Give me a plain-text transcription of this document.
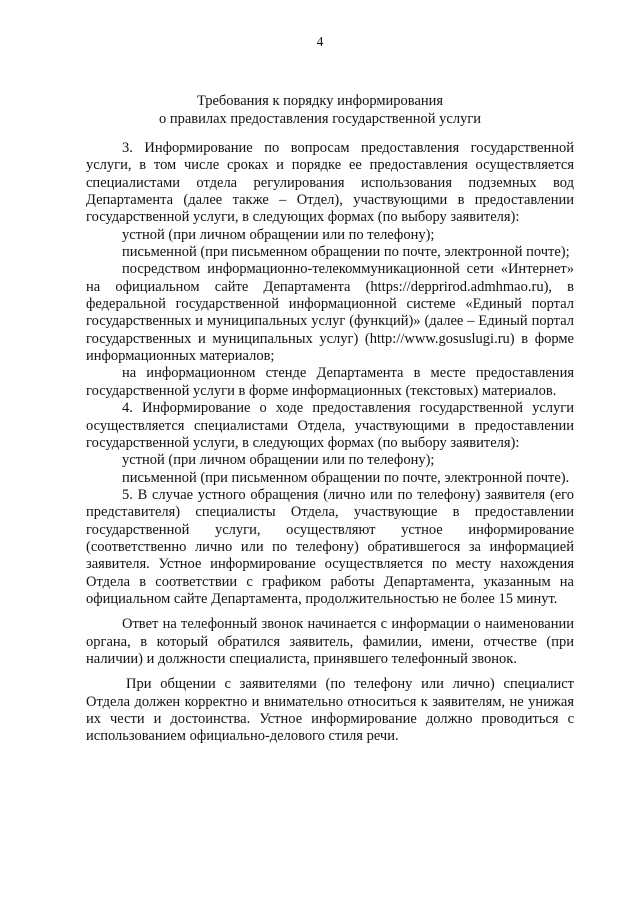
4
Требования к порядку информирования
о правилах предоставления государственной услуги

3. Информирование по вопросам предоставления государственной услуги, в том числе сроках и порядке ее предоставления осуществляется специалистами отдела регулирования использования подземных вод Департамента (далее также – Отдел), участвующими в предоставлении государственной услуги, в следующих формах (по выбору заявителя):

устной (при личном обращении или по телефону);

письменной (при письменном обращении по почте, электронной почте);

посредством информационно-телекоммуникационной сети «Интернет» на официальном сайте Департамента (https://depprirod.admhmao.ru), в федеральной государственной информационной системе «Единый портал государственных и муниципальных услуг (функций)» (далее – Единый портал государственных и муниципальных услуг) (http://www.gosuslugi.ru) в форме информационных материалов;

на информационном стенде Департамента в месте предоставления государственной услуги в форме информационных (текстовых) материалов.

4. Информирование о ходе предоставления государственной услуги осуществляется специалистами Отдела, участвующими в предоставлении государственной услуги, в следующих формах (по выбору заявителя):

устной (при личном обращении или по телефону);

письменной (при письменном обращении по почте, электронной почте).

5. В случае устного обращения (лично или по телефону) заявителя (его представителя) специалисты Отдела, участвующие в предоставлении государственной услуги, осуществляют устное информирование (соответственно лично или по телефону) обратившегося за информацией заявителя. Устное информирование осуществляется по месту нахождения Отдела в соответствии с графиком работы Департамента, указанным на официальном сайте Департамента, продолжительностью не более 15 минут.

Ответ на телефонный звонок начинается с информации о наименовании органа, в который обратился заявитель, фамилии, имени, отчестве (при наличии) и должности специалиста, принявшего телефонный звонок.

При общении с заявителями (по телефону или лично) специалист Отдела должен корректно и внимательно относиться к заявителям, не унижая их чести и достоинства. Устное информирование должно проводиться с использованием официально-делового стиля речи.
